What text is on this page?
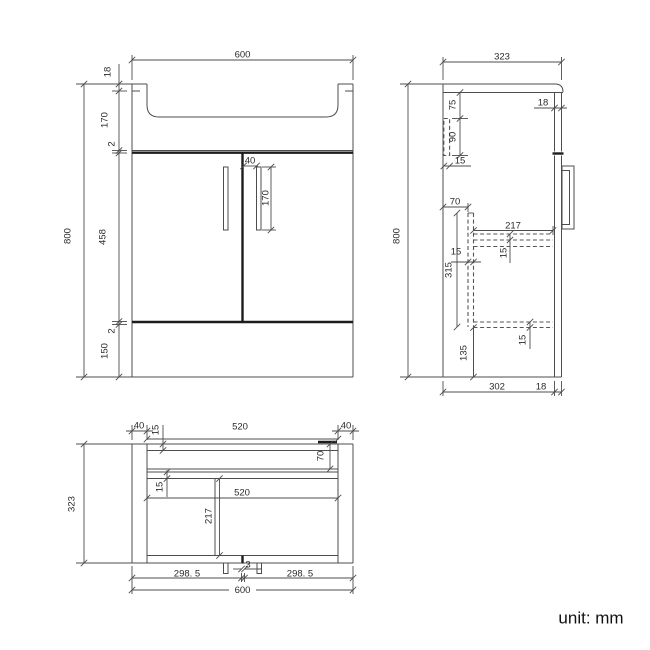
600
800
18
170
2
458
2
150
40
170
323
800
18
75
90
15
70
217
15
15
315
15
135
302	18
40 15	520	40
70
15
520
217
323
3
298. 5	298. 5
600
unit: mm
